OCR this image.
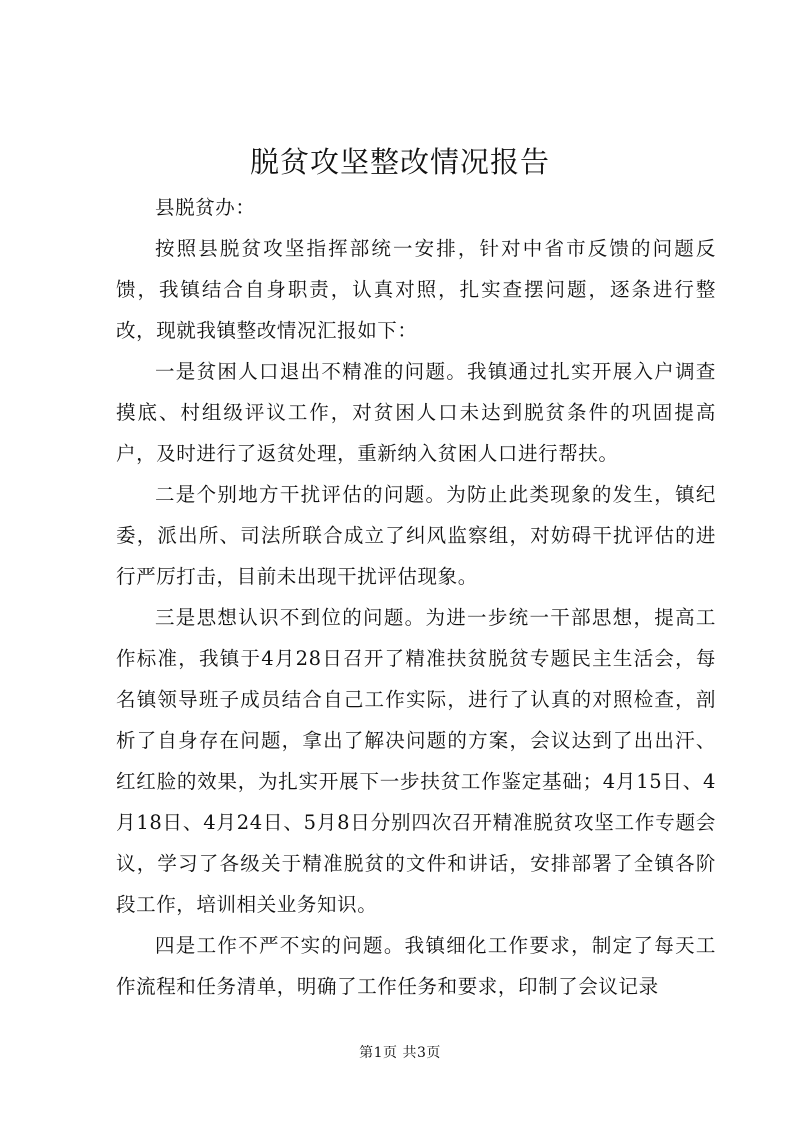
脱贫攻坚整改情况报告

县脱贫办：

按照县脱贫攻坚指挥部统一安排，针对中省市反馈的问题反馈，我镇结合自身职责，认真对照，扎实查摆问题，逐条进行整改，现就我镇整改情况汇报如下：

一是贫困人口退出不精准的问题。我镇通过扎实开展入户调查摸底、村组级评议工作，对贫困人口未达到脱贫条件的巩固提高户，及时进行了返贫处理，重新纳入贫困人口进行帮扶。

二是个别地方干扰评估的问题。为防止此类现象的发生，镇纪委，派出所、司法所联合成立了纠风监察组，对妨碍干扰评估的进行严厉打击，目前未出现干扰评估现象。

三是思想认识不到位的问题。为进一步统一干部思想，提高工作标准，我镇于4月28日召开了精准扶贫脱贫专题民主生活会，每名镇领导班子成员结合自己工作实际，进行了认真的对照检查，剖析了自身存在问题，拿出了解决问题的方案，会议达到了出出汗、红红脸的效果，为扎实开展下一步扶贫工作鉴定基础；4月15日、4月18日、4月24日、5月8日分别四次召开精准脱贫攻坚工作专题会议，学习了各级关于精准脱贫的文件和讲话，安排部署了全镇各阶段工作，培训相关业务知识。

四是工作不严不实的问题。我镇细化工作要求，制定了每天工作流程和任务清单，明确了工作任务和要求，印制了会议记录

第1页 共3页
